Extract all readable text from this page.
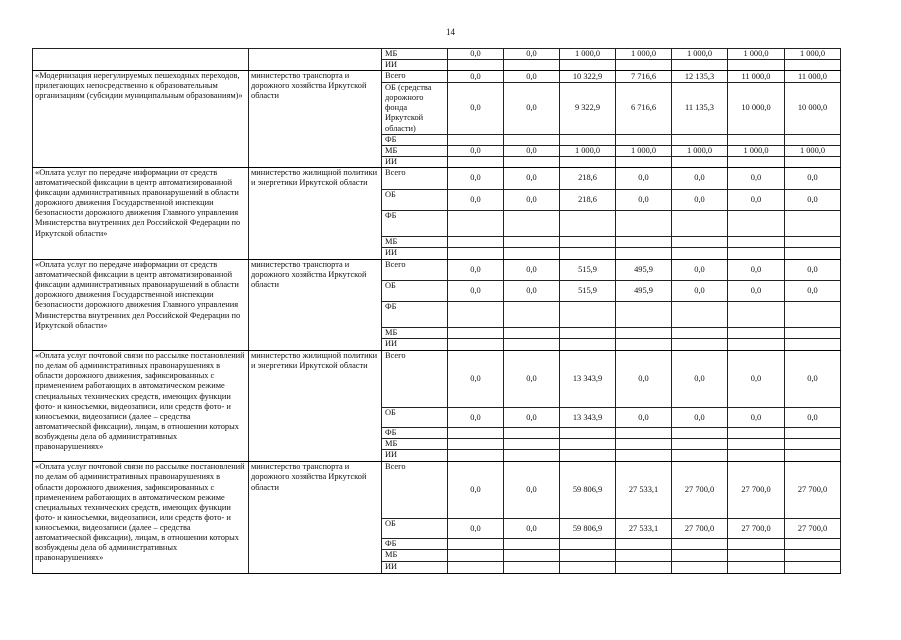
14
		МБ	0,0	0,0	1 000,0	1 000,0	1 000,0	1 000,0	1 000,0
		ИИ							
«Модернизация нерегулируемых пешеходных переходов, прилегающих непосредственно к образовательным организациям (субсидии муниципальным образованиям)»	министерство транспорта и дорожного хозяйства Иркутской области	Всего	0,0	0,0	10 322,9	7 716,6	12 135,3	11 000,0	11 000,0
		ОБ (средства дорожного фонда Иркутской области)	0,0	0,0	9 322,9	6 716,6	11 135,3	10 000,0	10 000,0
		ФБ							
		МБ	0,0	0,0	1 000,0	1 000,0	1 000,0	1 000,0	1 000,0
		ИИ							
«Оплата услуг по передаче информации от средств автоматической фиксации в центр автоматизированной фиксации административных правонарушений в области дорожного движения Государственной инспекции безопасности дорожного движения Главного управления Министерства внутренних дел Российской Федерации по Иркутской области»	министерство жилищной политики и энергетики Иркутской области	Всего	0,0	0,0	218,6	0,0	0,0	0,0	0,0
		ОБ	0,0	0,0	218,6	0,0	0,0	0,0	0,0
		ФБ							
		МБ							
		ИИ							
«Оплата услуг по передаче информации от средств автоматической фиксации в центр автоматизированной фиксации административных правонарушений в области дорожного движения Государственной инспекции безопасности дорожного движения Главного управления Министерства внутренних дел Российской Федерации по Иркутской области»	министерство транспорта и дорожного хозяйства Иркутской области	Всего	0,0	0,0	515,9	495,9	0,0	0,0	0,0
		ОБ	0,0	0,0	515,9	495,9	0,0	0,0	0,0
		ФБ							
		МБ							
		ИИ							
«Оплата услуг почтовой связи по рассылке постановлений по делам об административных правонарушениях в области дорожного движения, зафиксированных с применением работающих в автоматическом режиме специальных технических средств, имеющих функции фото- и киносъемки, видеозаписи, или средств фото- и киносъемки, видеозаписи (далее – средства автоматической фиксации), лицам, в отношении которых возбуждены дела об административных правонарушениях»	министерство жилищной политики и энергетики Иркутской области	Всего	0,0	0,0	13 343,9	0,0	0,0	0,0	0,0
		ОБ	0,0	0,0	13 343,9	0,0	0,0	0,0	0,0
		ФБ							
		МБ							
		ИИ							
«Оплата услуг почтовой связи по рассылке постановлений по делам об административных правонарушениях в области дорожного движения, зафиксированных с применением работающих в автоматическом режиме специальных технических средств, имеющих функции фото- и киносъемки, видеозаписи, или средств фото- и киносъемки, видеозаписи (далее – средства автоматической фиксации), лицам, в отношении которых возбуждены дела об административных правонарушениях»	министерство транспорта и дорожного хозяйства Иркутской области	Всего	0,0	0,0	59 806,9	27 533,1	27 700,0	27 700,0	27 700,0
		ОБ	0,0	0,0	59 806,9	27 533,1	27 700,0	27 700,0	27 700,0
		ФБ							
		МБ							
		ИИ							
